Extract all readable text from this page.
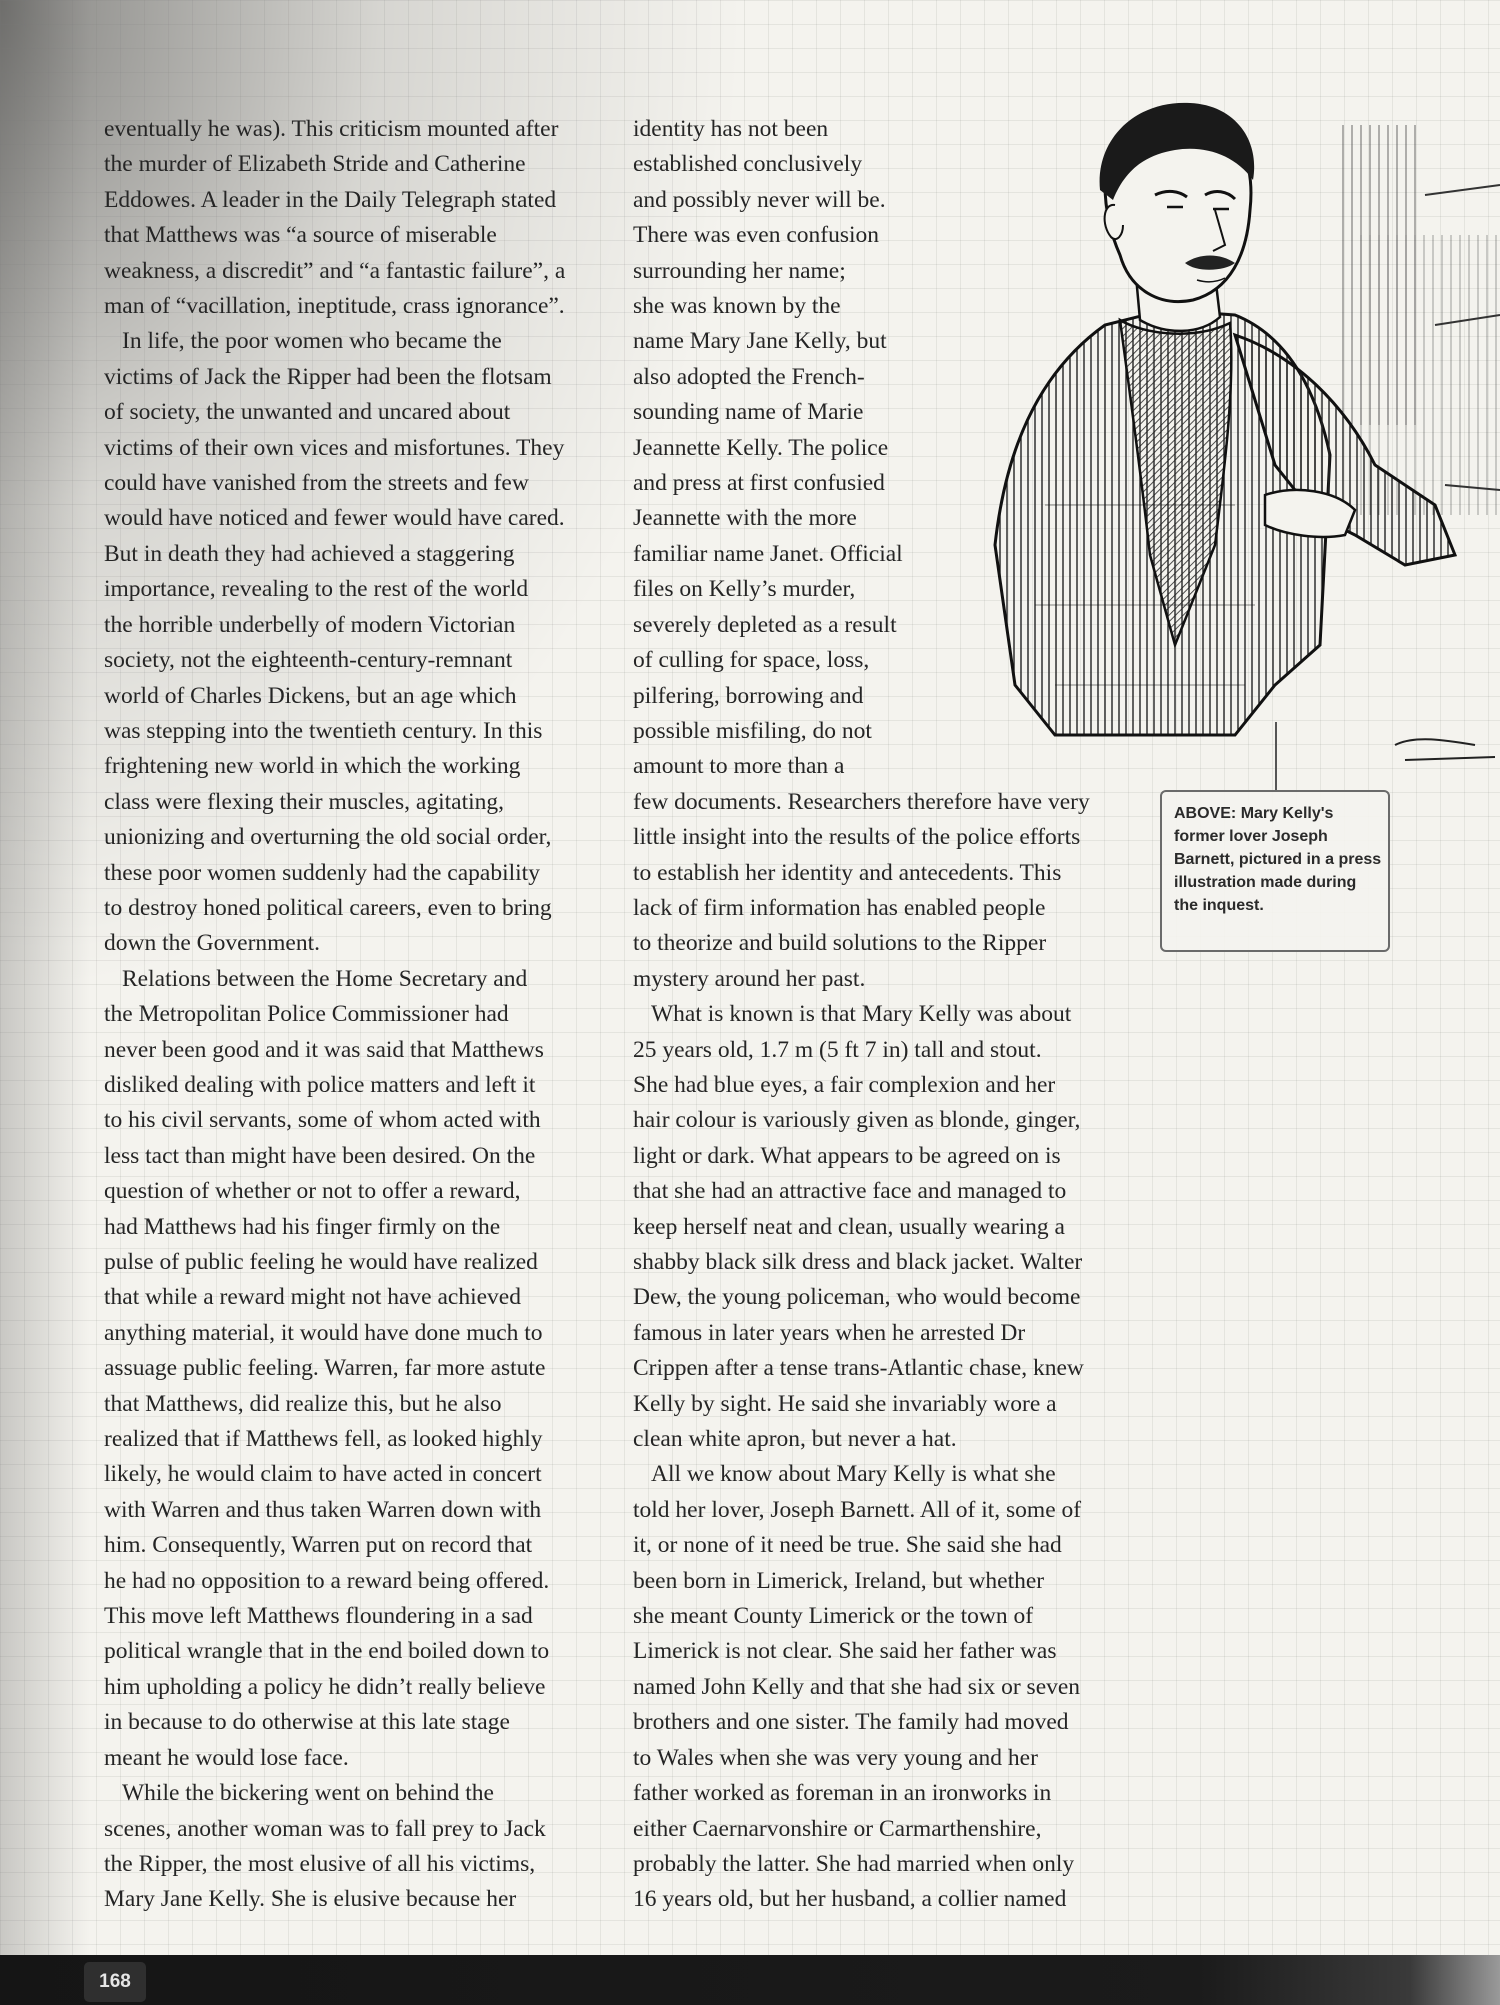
eventually he was). This criticism mounted after
the murder of Elizabeth Stride and Catherine
Eddowes. A leader in the Daily Telegraph stated
that Matthews was “a source of miserable
weakness, a discredit” and “a fantastic failure”, a
man of “vacillation, ineptitude, crass ignorance”.

In life, the poor women who became the
victims of Jack the Ripper had been the flotsam
of society, the unwanted and uncared about
victims of their own vices and misfortunes. They
could have vanished from the streets and few
would have noticed and fewer would have cared.
But in death they had achieved a staggering
importance, revealing to the rest of the world
the horrible underbelly of modern Victorian
society, not the eighteenth-century-remnant
world of Charles Dickens, but an age which
was stepping into the twentieth century. In this
frightening new world in which the working
class were flexing their muscles, agitating,
unionizing and overturning the old social order,
these poor women suddenly had the capability
to destroy honed political careers, even to bring
down the Government.

Relations between the Home Secretary and
the Metropolitan Police Commissioner had
never been good and it was said that Matthews
disliked dealing with police matters and left it
to his civil servants, some of whom acted with
less tact than might have been desired. On the
question of whether or not to offer a reward,
had Matthews had his finger firmly on the
pulse of public feeling he would have realized
that while a reward might not have achieved
anything material, it would have done much to
assuage public feeling. Warren, far more astute
that Matthews, did realize this, but he also
realized that if Matthews fell, as looked highly
likely, he would claim to have acted in concert
with Warren and thus taken Warren down with
him. Consequently, Warren put on record that
he had no opposition to a reward being offered.
This move left Matthews floundering in a sad
political wrangle that in the end boiled down to
him upholding a policy he didn’t really believe
in because to do otherwise at this late stage
meant he would lose face.

While the bickering went on behind the
scenes, another woman was to fall prey to Jack
the Ripper, the most elusive of all his victims,
Mary Jane Kelly. She is elusive because her

identity has not been
established conclusively
and possibly never will be.
There was even confusion
surrounding her name;
she was known by the
name Mary Jane Kelly, but
also adopted the French-
sounding name of Marie
Jeannette Kelly. The police
and press at first confusied
Jeannette with the more
familiar name Janet. Official
files on Kelly’s murder,
severely depleted as a result
of culling for space, loss,
pilfering, borrowing and
possible misfiling, do not
amount to more than a
few documents. Researchers therefore have very
little insight into the results of the police efforts
to establish her identity and antecedents. This
lack of firm information has enabled people
to theorize and build solutions to the Ripper
mystery around her past.

What is known is that Mary Kelly was about
25 years old, 1.7 m (5 ft 7 in) tall and stout.
She had blue eyes, a fair complexion and her
hair colour is variously given as blonde, ginger,
light or dark. What appears to be agreed on is
that she had an attractive face and managed to
keep herself neat and clean, usually wearing a
shabby black silk dress and black jacket. Walter
Dew, the young policeman, who would become
famous in later years when he arrested Dr
Crippen after a tense trans-Atlantic chase, knew
Kelly by sight. He said she invariably wore a
clean white apron, but never a hat.

All we know about Mary Kelly is what she
told her lover, Joseph Barnett. All of it, some of
it, or none of it need be true. She said she had
been born in Limerick, Ireland, but whether
she meant County Limerick or the town of
Limerick is not clear. She said her father was
named John Kelly and that she had six or seven
brothers and one sister. The family had moved
to Wales when she was very young and her
father worked as foreman in an ironworks in
either Caernarvonshire or Carmarthenshire,
probably the latter. She had married when only
16 years old, but her husband, a collier named

ABOVE: Mary Kelly's
former lover Joseph
Barnett, pictured in a press
illustration made during
the inquest.
168
